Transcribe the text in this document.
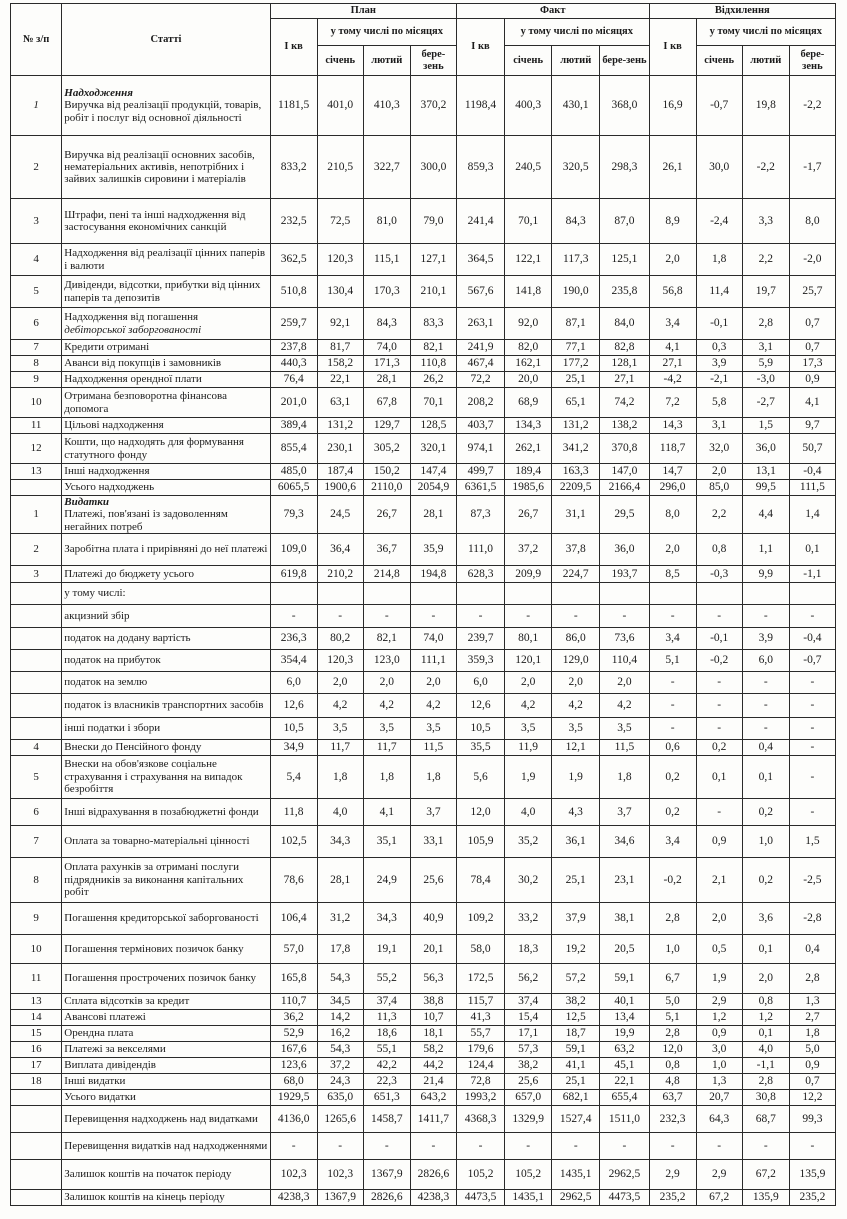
№ з/п	Статті	План				Факт				Відхилення			
		І кв	у тому числі по місяцях			І кв	у тому числі по місяцях			І кв	у тому числі по місяцях		
			січень	лютий	бере-зень		січень	лютий	бере-зень		січень	лютий	бере-зень
1	Надходження
Виручка від реалізації продукцій, товарів, робіт і послуг від основної діяльності	1181,5	401,0	410,3	370,2	1198,4	400,3	430,1	368,0	16,9	-0,7	19,8	-2,2
2	Виручка від реалізації основних засобів, нематеріальних активів, непотрібних і зайвих залишків сировини і матеріалів	833,2	210,5	322,7	300,0	859,3	240,5	320,5	298,3	26,1	30,0	-2,2	-1,7
3	Штрафи, пені та інші надходження від застосування економічних санкцій	232,5	72,5	81,0	79,0	241,4	70,1	84,3	87,0	8,9	-2,4	3,3	8,0
4	Надходження від реалізації цінних паперів і валюти	362,5	120,3	115,1	127,1	364,5	122,1	117,3	125,1	2,0	1,8	2,2	-2,0
5	Дивіденди, відсотки, прибутки від цінних паперів та депозитів	510,8	130,4	170,3	210,1	567,6	141,8	190,0	235,8	56,8	11,4	19,7	25,7
6	Надходження від погашення
дебіторської заборгованості	259,7	92,1	84,3	83,3	263,1	92,0	87,1	84,0	3,4	-0,1	2,8	0,7
7	Кредити отримані	237,8	81,7	74,0	82,1	241,9	82,0	77,1	82,8	4,1	0,3	3,1	0,7
8	Аванси від покупців і замовників	440,3	158,2	171,3	110,8	467,4	162,1	177,2	128,1	27,1	3,9	5,9	17,3
9	Надходження орендної плати	76,4	22,1	28,1	26,2	72,2	20,0	25,1	27,1	-4,2	-2,1	-3,0	0,9
10	Отримана безповоротна фінансова допомога	201,0	63,1	67,8	70,1	208,2	68,9	65,1	74,2	7,2	5,8	-2,7	4,1
11	Цільові надходження	389,4	131,2	129,7	128,5	403,7	134,3	131,2	138,2	14,3	3,1	1,5	9,7
12	Кошти, що надходять для формування статутного фонду	855,4	230,1	305,2	320,1	974,1	262,1	341,2	370,8	118,7	32,0	36,0	50,7
13	Інші надходження	485,0	187,4	150,2	147,4	499,7	189,4	163,3	147,0	14,7	2,0	13,1	-0,4
	Усього надходжень	6065,5	1900,6	2110,0	2054,9	6361,5	1985,6	2209,5	2166,4	296,0	85,0	99,5	111,5
1	Видатки
Платежі, пов'язані із задоволенням негайних потреб	79,3	24,5	26,7	28,1	87,3	26,7	31,1	29,5	8,0	2,2	4,4	1,4
2	Заробітна плата і прирівняні до неї платежі	109,0	36,4	36,7	35,9	111,0	37,2	37,8	36,0	2,0	0,8	1,1	0,1
3	Платежі до бюджету усього	619,8	210,2	214,8	194,8	628,3	209,9	224,7	193,7	8,5	-0,3	9,9	-1,1
	у тому числі:												
	акцизний збір	-	-	-	-	-	-	-	-	-	-	-	-
	податок на додану вартість	236,3	80,2	82,1	74,0	239,7	80,1	86,0	73,6	3,4	-0,1	3,9	-0,4
	податок на прибуток	354,4	120,3	123,0	111,1	359,3	120,1	129,0	110,4	5,1	-0,2	6,0	-0,7
	податок на землю	6,0	2,0	2,0	2,0	6,0	2,0	2,0	2,0	-	-	-	-
	податок із власників транспортних засобів	12,6	4,2	4,2	4,2	12,6	4,2	4,2	4,2	-	-	-	-
	інші податки і збори	10,5	3,5	3,5	3,5	10,5	3,5	3,5	3,5	-	-	-	-
4	Внески до Пенсійного фонду	34,9	11,7	11,7	11,5	35,5	11,9	12,1	11,5	0,6	0,2	0,4	-
5	Внески на обов'язкове соціальне страхування і страхування на випадок безробіття	5,4	1,8	1,8	1,8	5,6	1,9	1,9	1,8	0,2	0,1	0,1	-
6	Інші відрахування в позабюджетні фонди	11,8	4,0	4,1	3,7	12,0	4,0	4,3	3,7	0,2	-	0,2	-
7	Оплата за товарно-матеріальні цінності	102,5	34,3	35,1	33,1	105,9	35,2	36,1	34,6	3,4	0,9	1,0	1,5
8	Оплата рахунків за отримані послуги підрядників за виконання капітальних робіт	78,6	28,1	24,9	25,6	78,4	30,2	25,1	23,1	-0,2	2,1	0,2	-2,5
9	Погашення кредиторської заборгованості	106,4	31,2	34,3	40,9	109,2	33,2	37,9	38,1	2,8	2,0	3,6	-2,8
10	Погашення термінових позичок банку	57,0	17,8	19,1	20,1	58,0	18,3	19,2	20,5	1,0	0,5	0,1	0,4
11	Погашення прострочених позичок банку	165,8	54,3	55,2	56,3	172,5	56,2	57,2	59,1	6,7	1,9	2,0	2,8
13	Сплата відсотків за кредит	110,7	34,5	37,4	38,8	115,7	37,4	38,2	40,1	5,0	2,9	0,8	1,3
14	Авансові платежі	36,2	14,2	11,3	10,7	41,3	15,4	12,5	13,4	5,1	1,2	1,2	2,7
15	Орендна плата	52,9	16,2	18,6	18,1	55,7	17,1	18,7	19,9	2,8	0,9	0,1	1,8
16	Платежі за векселями	167,6	54,3	55,1	58,2	179,6	57,3	59,1	63,2	12,0	3,0	4,0	5,0
17	Виплата дивідендів	123,6	37,2	42,2	44,2	124,4	38,2	41,1	45,1	0,8	1,0	-1,1	0,9
18	Інші видатки	68,0	24,3	22,3	21,4	72,8	25,6	25,1	22,1	4,8	1,3	2,8	0,7
	Усього видатки	1929,5	635,0	651,3	643,2	1993,2	657,0	682,1	655,4	63,7	20,7	30,8	12,2
	Перевищення надходжень над видатками	4136,0	1265,6	1458,7	1411,7	4368,3	1329,9	1527,4	1511,0	232,3	64,3	68,7	99,3
	Перевищення видатків над надходженнями	-	-	-	-	-	-	-	-	-	-	-	-
	Залишок коштів на початок періоду	102,3	102,3	1367,9	2826,6	105,2	105,2	1435,1	2962,5	2,9	2,9	67,2	135,9
	Залишок коштів на кінець періоду	4238,3	1367,9	2826,6	4238,3	4473,5	1435,1	2962,5	4473,5	235,2	67,2	135,9	235,2
